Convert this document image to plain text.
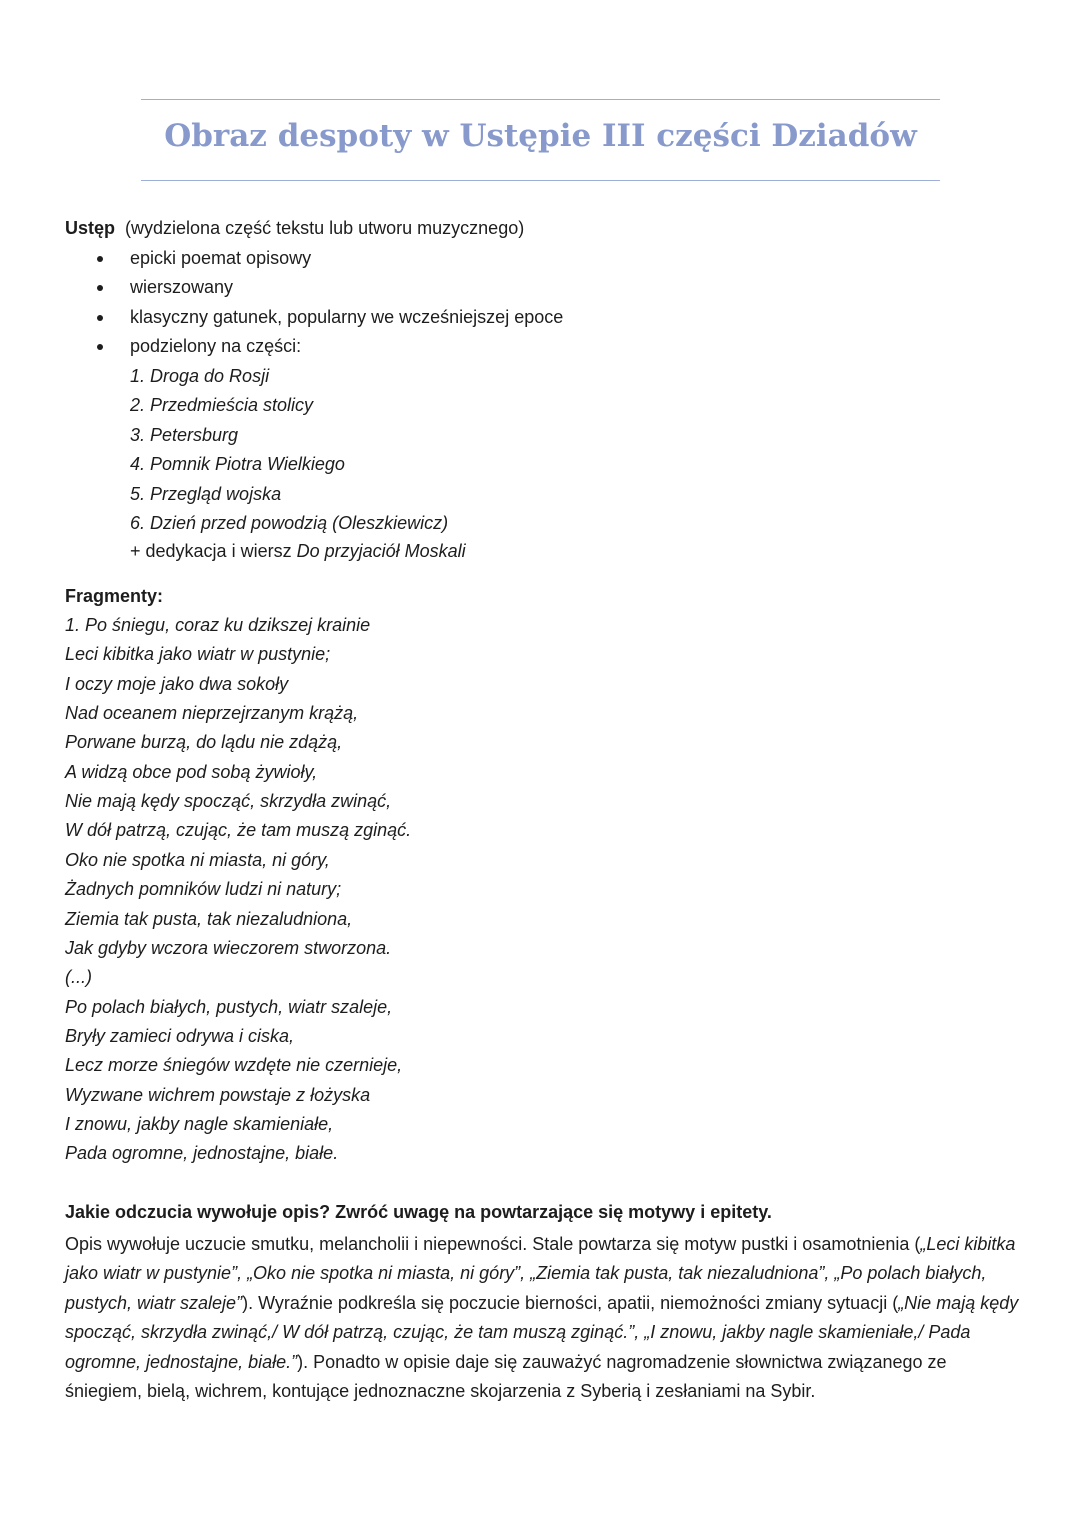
Obraz despoty w Ustępie III części Dziadów
Ustęp (wydzielona część tekstu lub utworu muzycznego)
epicki poemat opisowy
wierszowany
klasyczny gatunek, popularny we wcześniejszej epoce
podzielony na części:
1. Droga do Rosji
2. Przedmieścia stolicy
3. Petersburg
4. Pomnik Piotra Wielkiego
5. Przegląd wojska
6. Dzień przed powodzią (Oleszkiewicz)
+ dedykacja i wiersz Do przyjaciół Moskali
Fragmenty:
1. Po śniegu, coraz ku dzikszej krainie
Leci kibitka jako wiatr w pustynie;
I oczy moje jako dwa sokoły
Nad oceanem nieprzejrzanym krążą,
Porwane burzą, do lądu nie zdążą,
A widzą obce pod sobą żywioły,
Nie mają kędy spocząć, skrzydła zwinąć,
W dół patrzą, czując, że tam muszą zginąć.
Oko nie spotka ni miasta, ni góry,
Żadnych pomników ludzi ni natury;
Ziemia tak pusta, tak niezaludniona,
Jak gdyby wczora wieczorem stworzona.
(...)
Po polach białych, pustych, wiatr szaleje,
Bryły zamieci odrywa i ciska,
Lecz morze śniegów wzdęte nie czernieje,
Wyzwane wichrem powstaje z łożyska
I znowu, jakby nagle skamieniałe,
Pada ogromne, jednostajne, białe.
Jakie odczucia wywołuje opis? Zwróć uwagę na powtarzające się motywy i epitety.
Opis wywołuje uczucie smutku, melancholii i niepewności. Stale powtarza się motyw pustki i osamotnienia („Leci kibitka jako wiatr w pustynie”, „Oko nie spotka ni miasta, ni góry”, „Ziemia tak pusta, tak niezaludniona”, „Po polach białych, pustych, wiatr szaleje”). Wyraźnie podkreśla się poczucie bierności, apatii, niemożności zmiany sytuacji („Nie mają kędy spocząć, skrzydła zwinąć,/ W dół patrzą, czując, że tam muszą zginąć.”, „I znowu, jakby nagle skamieniałe,/ Pada ogromne, jednostajne, białe.”). Ponadto w opisie daje się zauważyć nagromadzenie słownictwa związanego ze śniegiem, bielą, wichrem, kontujące jednoznaczne skojarzenia z Syberią i zesłaniami na Sybir.
